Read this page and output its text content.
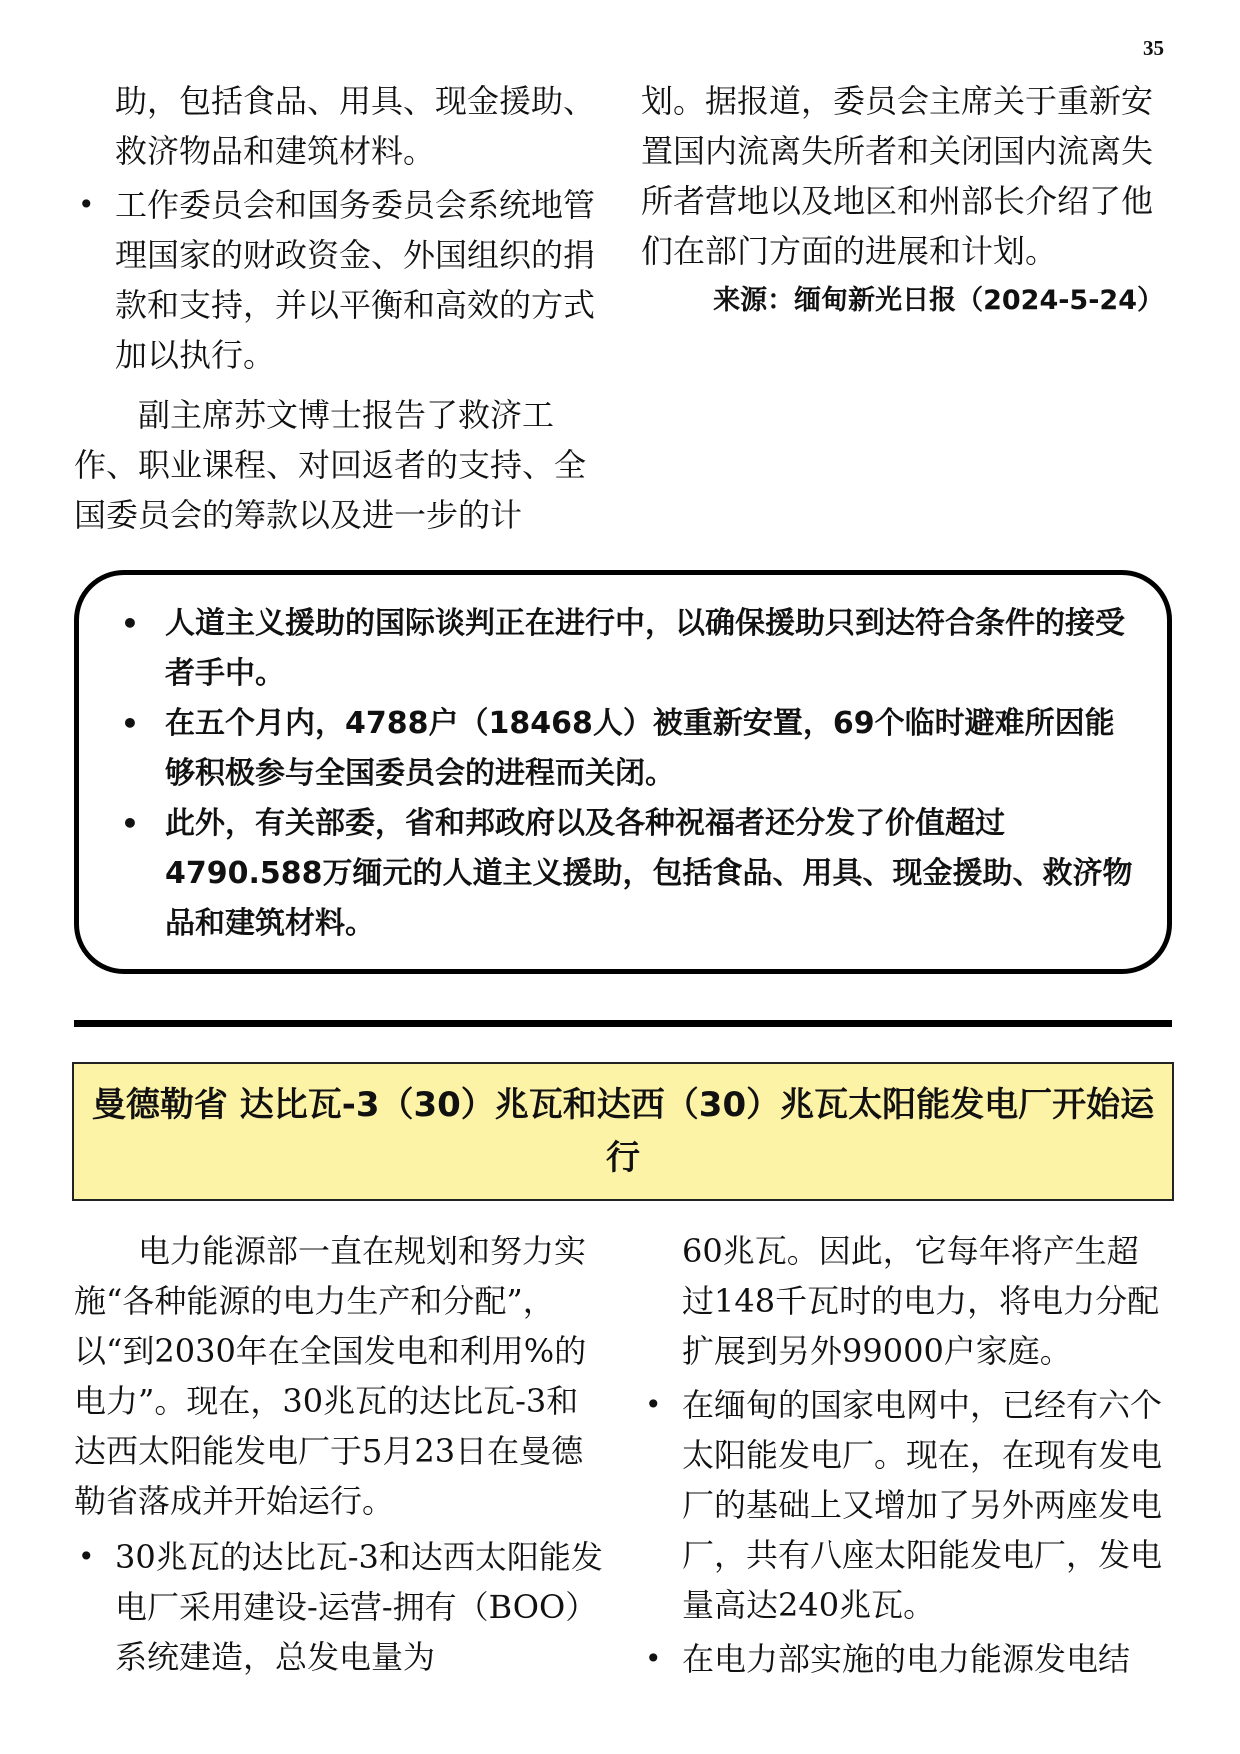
35

助，包括食品、用具、现金援助、救济物品和建筑材料。

• 工作委员会和国务委员会系统地管理国家的财政资金、外国组织的捐款和支持，并以平衡和高效的方式加以执行。

副主席苏文博士报告了救济工作、职业课程、对回返者的支持、全国委员会的筹款以及进一步的计

划。据报道，委员会主席关于重新安置国内流离失所者和关闭国内流离失所者营地以及地区和州部长介绍了他们在部门方面的进展和计划。

来源：缅甸新光日报（2024-5-24）

• 人道主义援助的国际谈判正在进行中，以确保援助只到达符合条件的接受者手中。
• 在五个月内，4788户（18468人）被重新安置，69个临时避难所因能够积极参与全国委员会的进程而关闭。
• 此外，有关部委，省和邦政府以及各种祝福者还分发了价值超过4790.588万缅元的人道主义援助，包括食品、用具、现金援助、救济物品和建筑材料。
曼德勒省 达比瓦-3（30）兆瓦和达西（30）兆瓦太阳能发电厂开始运行

电力能源部一直在规划和努力实施“各种能源的电力生产和分配”，以“到2030年在全国发电和利用%的电力”。现在，30兆瓦的达比瓦-3和达西太阳能发电厂于5月23日在曼德勒省落成并开始运行。

• 30兆瓦的达比瓦-3和达西太阳能发电厂采用建设-运营-拥有（BOO）系统建造，总发电量为

60兆瓦。因此，它每年将产生超过148千瓦时的电力，将电力分配扩展到另外99000户家庭。

• 在缅甸的国家电网中，已经有六个太阳能发电厂。现在，在现有发电厂的基础上又增加了另外两座发电厂，共有八座太阳能发电厂，发电量高达240兆瓦。
• 在电力部实施的电力能源发电结
